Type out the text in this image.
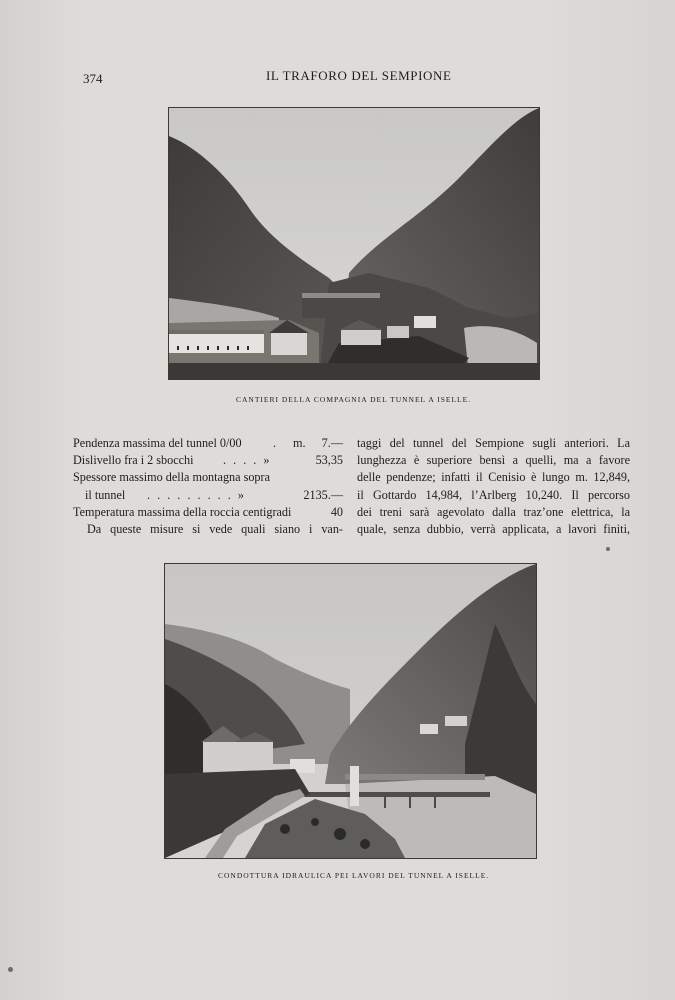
374	IL TRAFORO DEL SEMPIONE
CANTIERI DELLA COMPAGNIA DEL TUNNEL A ISELLE.
Pendenza massima del tunnel 0/00	. m. 7.—
Dislivello fra i 2 sbocchi . . . . »	53,35
Spessore massimo della montagna sopra
il tunnel . . . . . . . . . »	2135.—
Temperatura massima della roccia centigradi	40
Da queste misure si vede quali siano i van-
taggi del tunnel del Sempione sugli anteriori. La
lunghezza è superiore bensì a quelli, ma a favore
delle pendenze; infatti il Cenisio è lungo m. 12,849,
il Gottardo 14,984, l’Arlberg 10,240. Il percorso
dei treni sarà agevolato dalla traz’one elettrica, la
quale, senza dubbio, verrà applicata, a lavori finiti,
CONDOTTURA IDRAULICA PEI LAVORI DEL TUNNEL A ISELLE.
